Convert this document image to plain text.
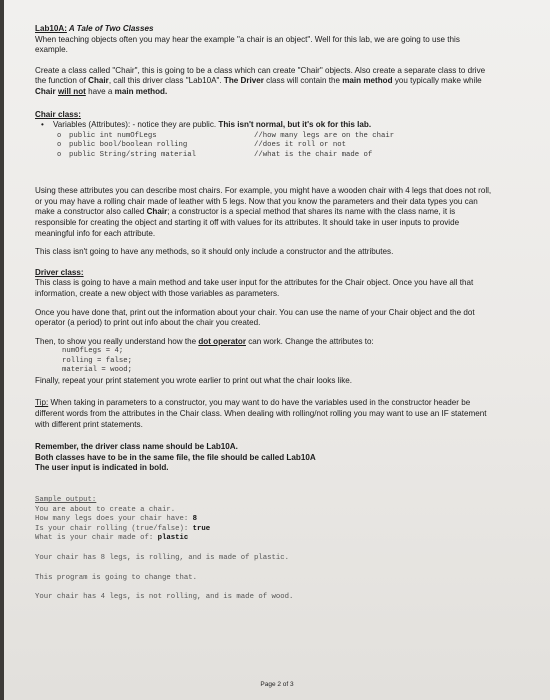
Lab10A: A Tale of Two Classes

When teaching objects often you may hear the example "a chair is an object". Well for this lab, we are going to use this example.

Create a class called "Chair", this is going to be a class which can create "Chair" objects. Also create a separate class to drive the function of Chair, call this driver class "Lab10A". The Driver class will contain the main method you typically make while Chair will not have a main method.

Chair class:
• Variables (Attributes): - notice they are public. This isn't normal, but it's ok for this lab.
o public int numOfLegs	//how many legs are on the chair
o public bool/boolean rolling	//does it roll or not
o public String/string material	//what is the chair made of

Using these attributes you can describe most chairs. For example, you might have a wooden chair with 4 legs that does not roll, or you may have a rolling chair made of leather with 5 legs. Now that you know the parameters and their data types you can make a constructor also called Chair; a constructor is a special method that shares its name with the class name, it is responsible for creating the object and starting it off with values for its attributes. It should take in user inputs to provide meaningful info for each attribute.

This class isn't going to have any methods, so it should only include a constructor and the attributes.

Driver class:

This class is going to have a main method and take user input for the attributes for the Chair object. Once you have all that information, create a new object with those variables as parameters.

Once you have done that, print out the information about your chair. You can use the name of your Chair object and the dot operator (a period) to print out info about the chair you created.

Then, to show you really understand how the dot operator can work. Change the attributes to:
numOfLegs = 4;
rolling = false;
material = wood;

Finally, repeat your print statement you wrote earlier to print out what the chair looks like.

Tip: When taking in parameters to a constructor, you may want to do have the variables used in the constructor header be different words from the attributes in the Chair class. When dealing with rolling/not rolling you may want to use an IF statement with different print statements.

Remember, the driver class name should be Lab10A.
Both classes have to be in the same file, the file should be called Lab10A
The user input is indicated in bold.
Sample output:
You are about to create a chair.
How many legs does your chair have: 8
Is your chair rolling (true/false): true
What is your chair made of: plastic
Your chair has 8 legs, is rolling, and is made of plastic.
This program is going to change that.
Your chair has 4 legs, is not rolling, and is made of wood.
Page 2 of 3
